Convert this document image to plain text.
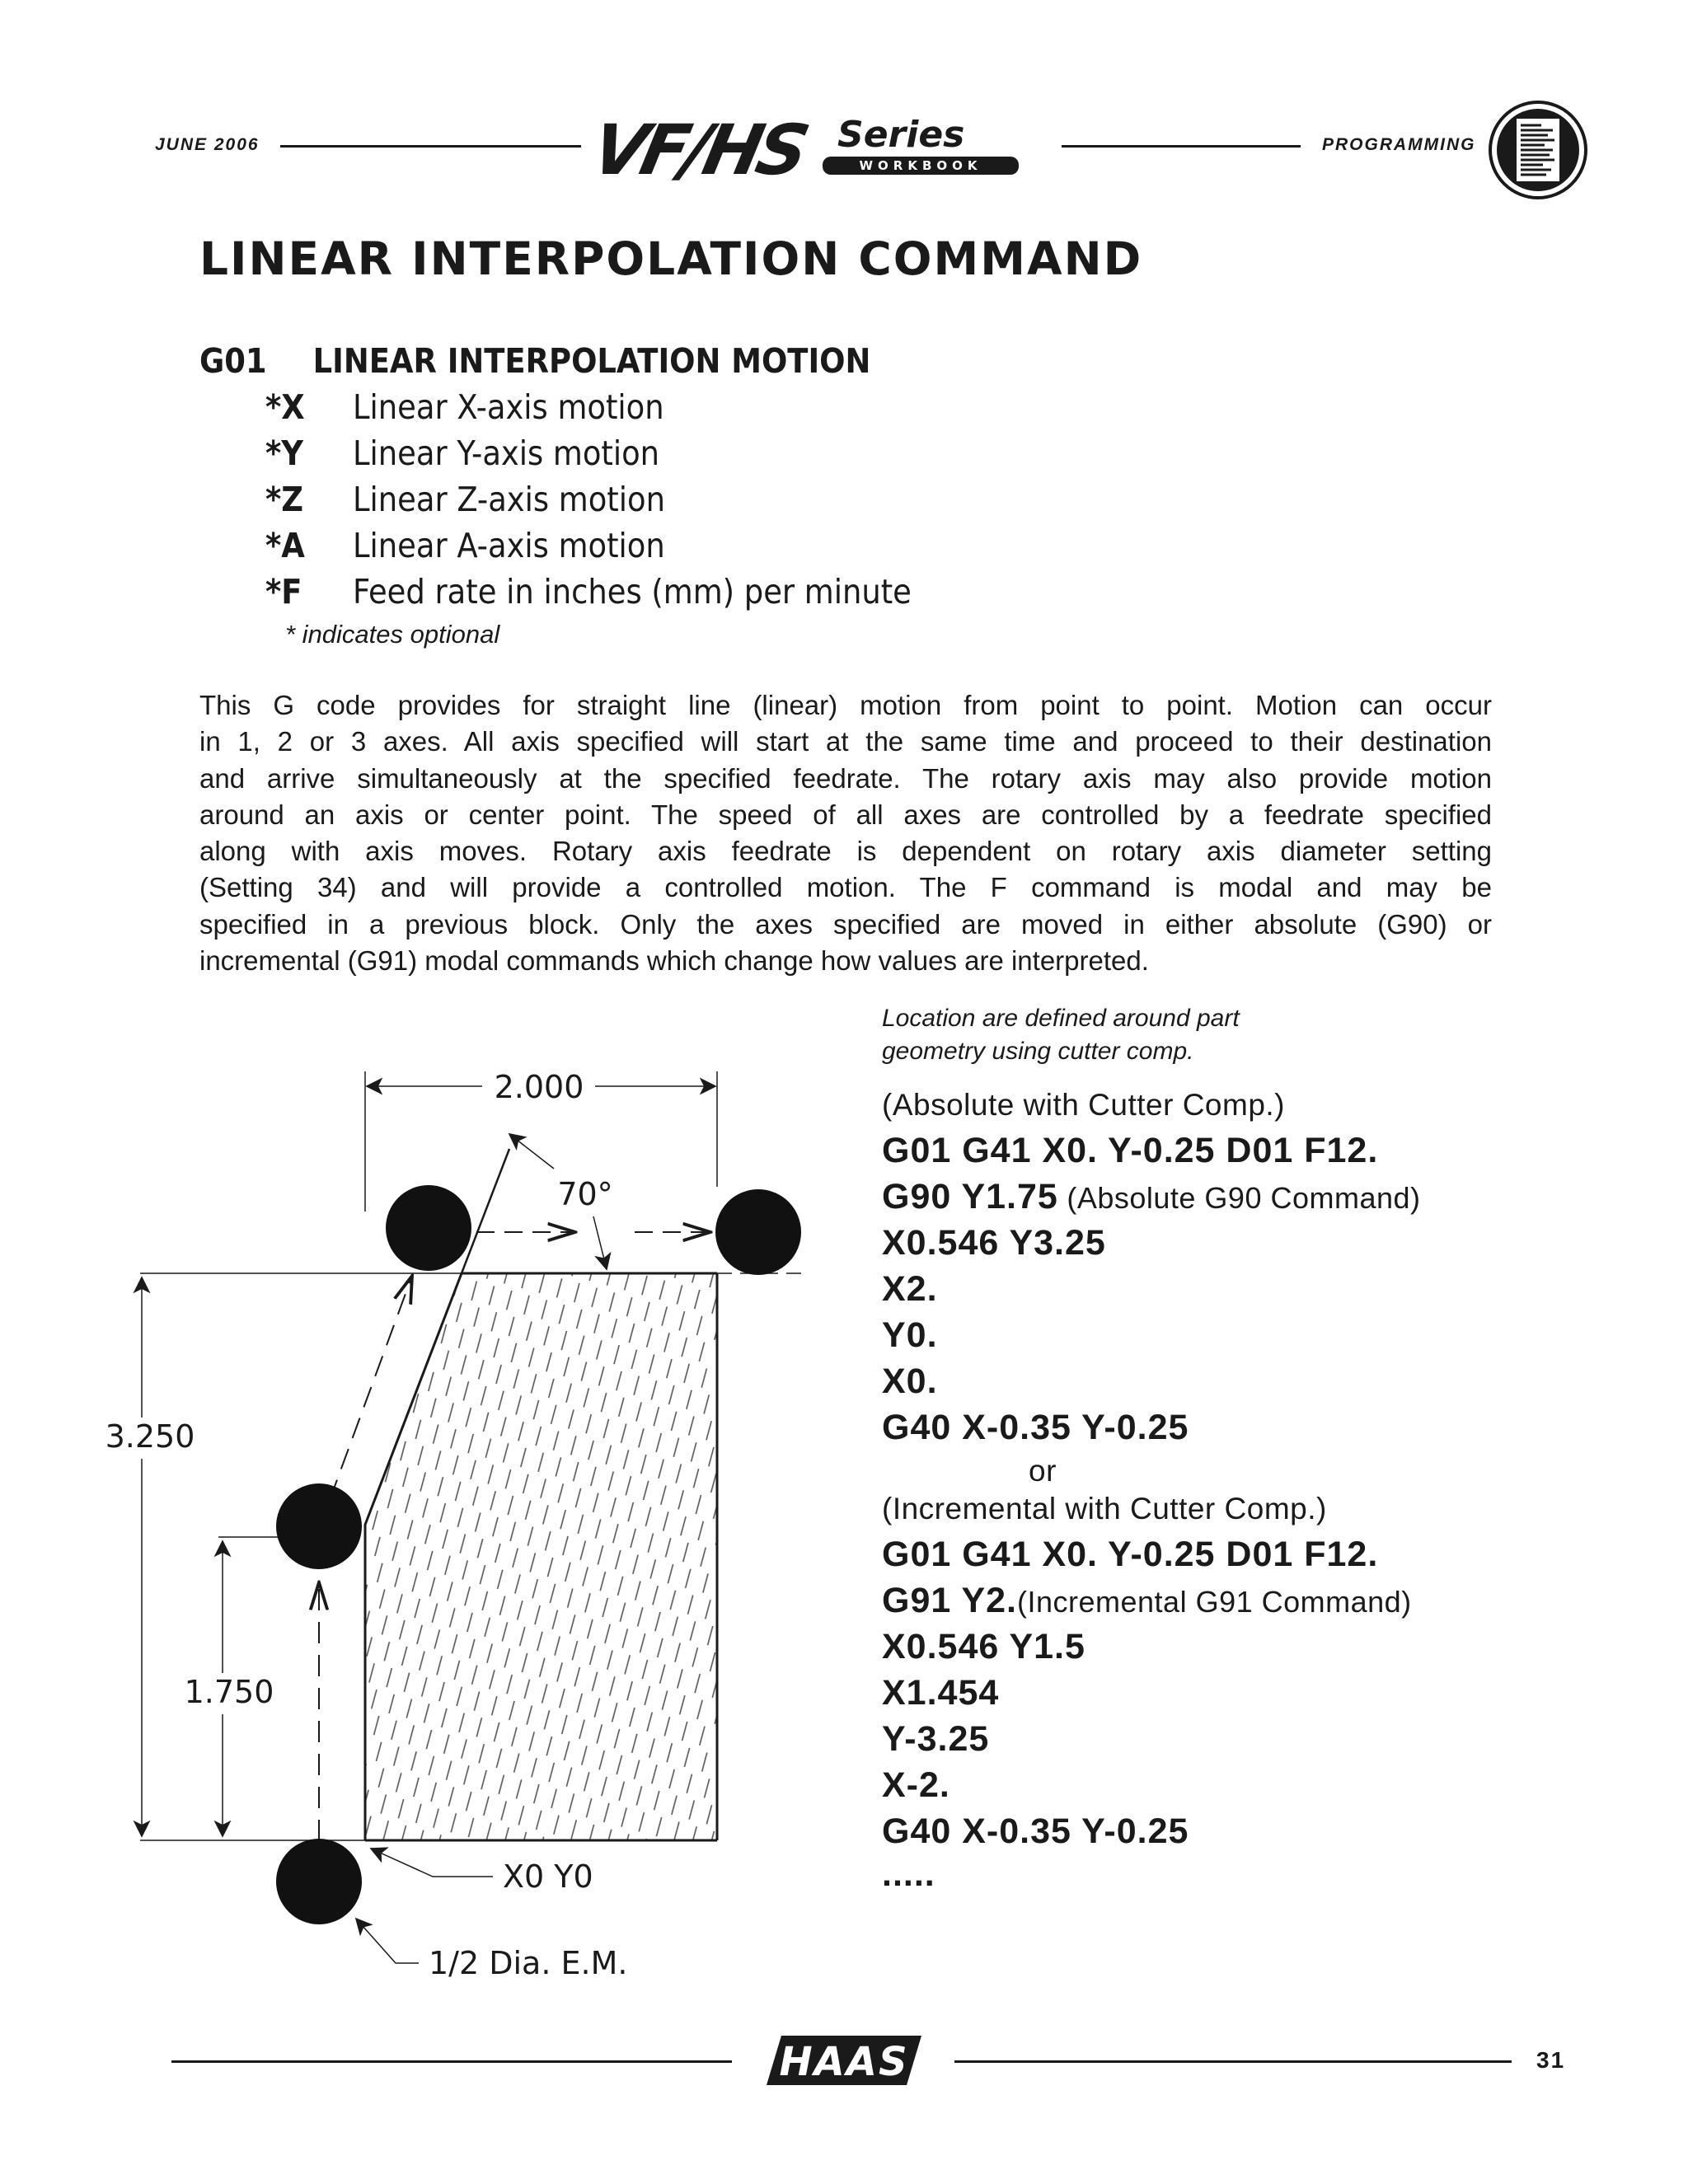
JUNE 2006	VF/HS Series
WORKBOOK
PROGRAMMING
LINEAR INTERPOLATION COMMAND
G01 LINEAR INTERPOLATION MOTION
*X Linear X-axis motion
*Y Linear Y-axis motion
*Z Linear Z-axis motion
*A Linear A-axis motion
*F Feed rate in inches (mm) per minute
* indicates optional
This G code provides for straight line (linear) motion from point to point. Motion can occur
in 1, 2 or 3 axes. All axis specified will start at the same time and proceed to their destination
and arrive simultaneously at the specified feedrate. The rotary axis may also provide motion
around an axis or center point. The speed of all axes are controlled by a feedrate specified
along with axis moves. Rotary axis feedrate is dependent on rotary axis diameter setting
(Setting 34) and will provide a controlled motion. The F command is modal and may be
specified in a previous block. Only the axes specified are moved in either absolute (G90) or
incremental (G91) modal commands which change how values are interpreted.
Location are defined around part
geometry using cutter comp.
(Absolute with Cutter Comp.)
G01 G41 X0. Y-0.25 D01 F12.
G90 Y1.75 (Absolute G90 Command)
X0.546 Y3.25
X2.
Y0.
X0.
G40 X-0.35 Y-0.25
or
(Incremental with Cutter Comp.)
G01 G41 X0. Y-0.25 D01 F12.
G91 Y2.(Incremental G91 Command)
X0.546 Y1.5
X1.454
Y-3.25
X-2.
G40 X-0.35 Y-0.25
.....
2.000
3.250
1.750
70°
X0 Y0
1/2 Dia. E.M.
HAAS	31
